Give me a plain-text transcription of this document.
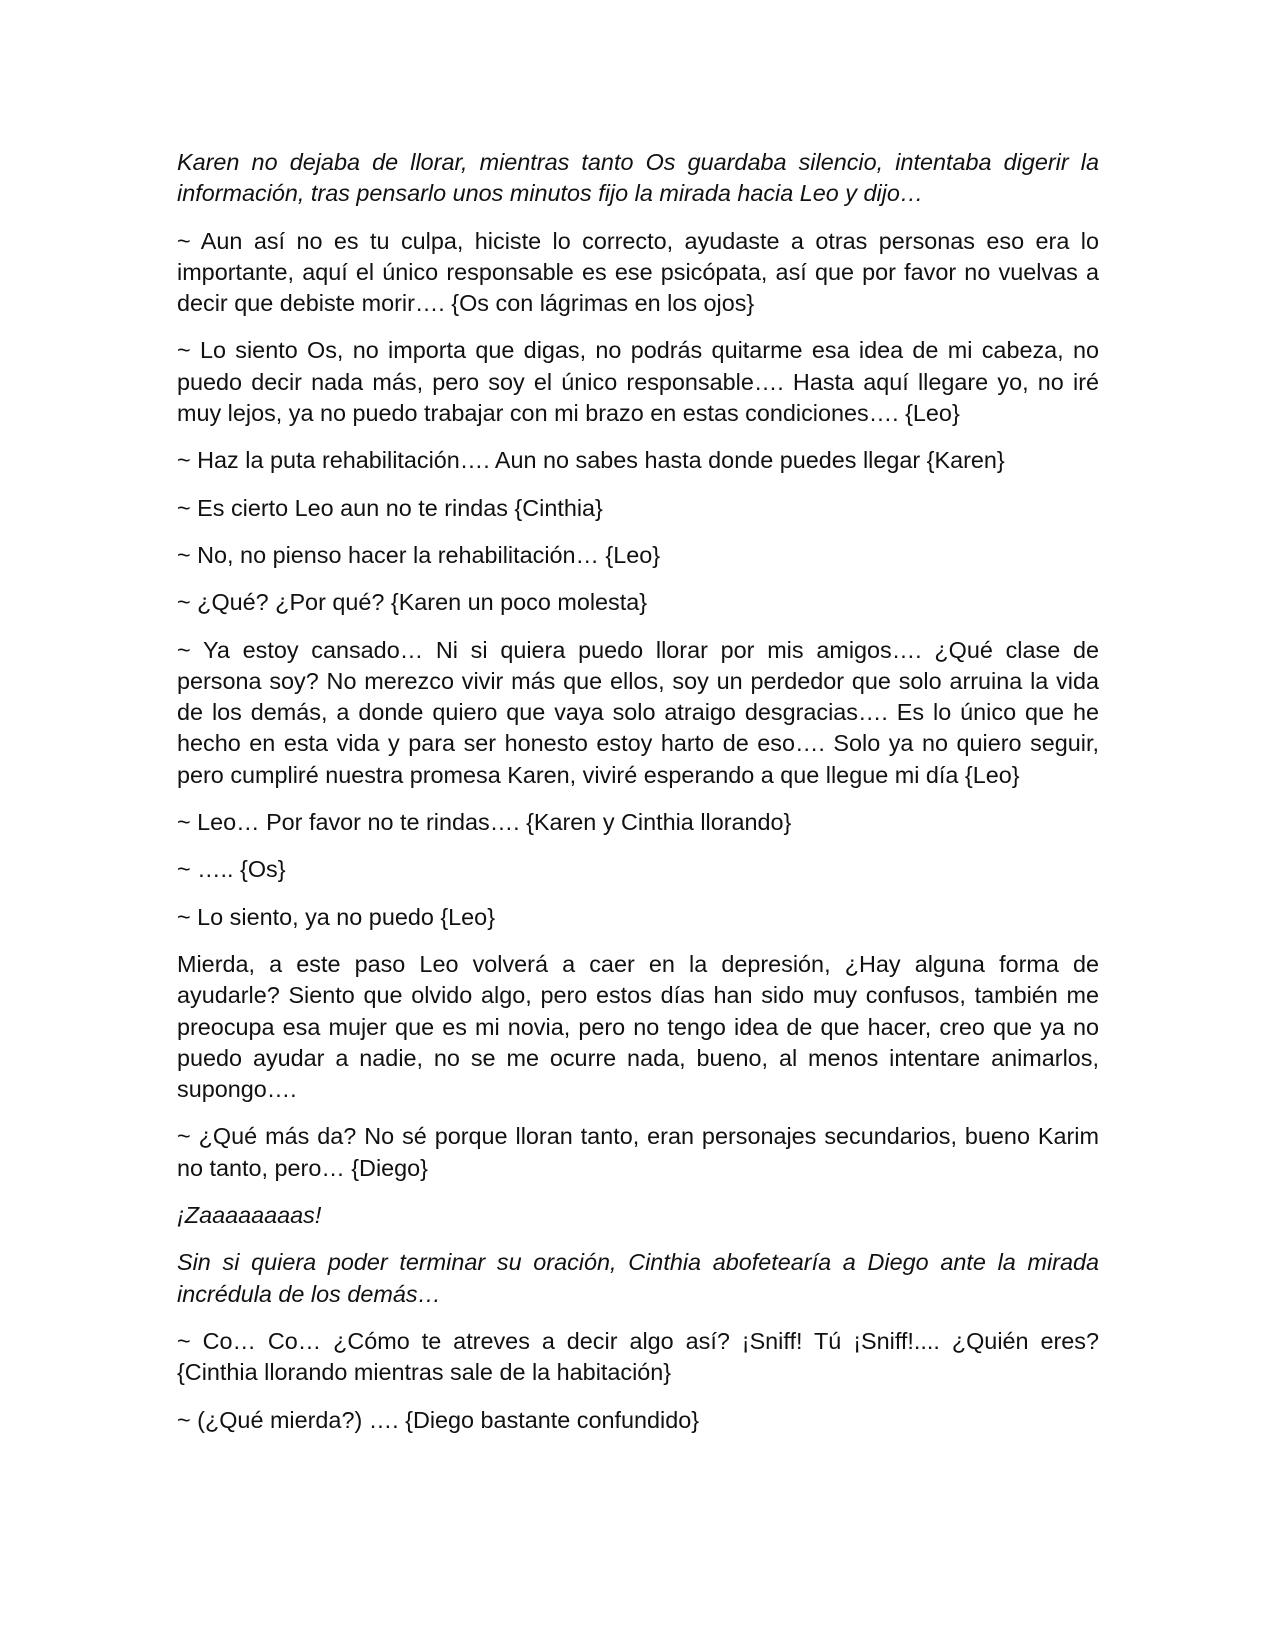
Karen no dejaba de llorar, mientras tanto Os guardaba silencio, intentaba digerir la información, tras pensarlo unos minutos fijo la mirada hacia Leo y dijo…

~ Aun así no es tu culpa, hiciste lo correcto, ayudaste a otras personas eso era lo importante, aquí el único responsable es ese psicópata, así que por favor no vuelvas a decir que debiste morir…. {Os con lágrimas en los ojos}

~ Lo siento Os, no importa que digas, no podrás quitarme esa idea de mi cabeza, no puedo decir nada más, pero soy el único responsable…. Hasta aquí llegare yo, no iré muy lejos, ya no puedo trabajar con mi brazo en estas condiciones…. {Leo}

~ Haz la puta rehabilitación…. Aun no sabes hasta donde puedes llegar {Karen}

~ Es cierto Leo aun no te rindas {Cinthia}

~ No, no pienso hacer la rehabilitación… {Leo}

~ ¿Qué? ¿Por qué? {Karen un poco molesta}

~ Ya estoy cansado… Ni si quiera puedo llorar por mis amigos…. ¿Qué clase de persona soy? No merezco vivir más que ellos, soy un perdedor que solo arruina la vida de los demás, a donde quiero que vaya solo atraigo desgracias…. Es lo único que he hecho en esta vida y para ser honesto estoy harto de eso…. Solo ya no quiero seguir, pero cumpliré nuestra promesa Karen, viviré esperando a que llegue mi día {Leo}

~ Leo… Por favor no te rindas…. {Karen y Cinthia llorando}

~ ….. {Os}

~ Lo siento, ya no puedo {Leo}

Mierda, a este paso Leo volverá a caer en la depresión, ¿Hay alguna forma de ayudarle? Siento que olvido algo, pero estos días han sido muy confusos, también me preocupa esa mujer que es mi novia, pero no tengo idea de que hacer, creo que ya no puedo ayudar a nadie, no se me ocurre nada, bueno, al menos intentare animarlos, supongo….

~ ¿Qué más da? No sé porque lloran tanto, eran personajes secundarios, bueno Karim no tanto, pero… {Diego}

¡Zaaaaaaaas!

Sin si quiera poder terminar su oración, Cinthia abofetearía a Diego ante la mirada incrédula de los demás…

~ Co… Co… ¿Cómo te atreves a decir algo así? ¡Sniff! Tú ¡Sniff!.... ¿Quién eres? {Cinthia llorando mientras sale de la habitación}

~ (¿Qué mierda?) …. {Diego bastante confundido}
